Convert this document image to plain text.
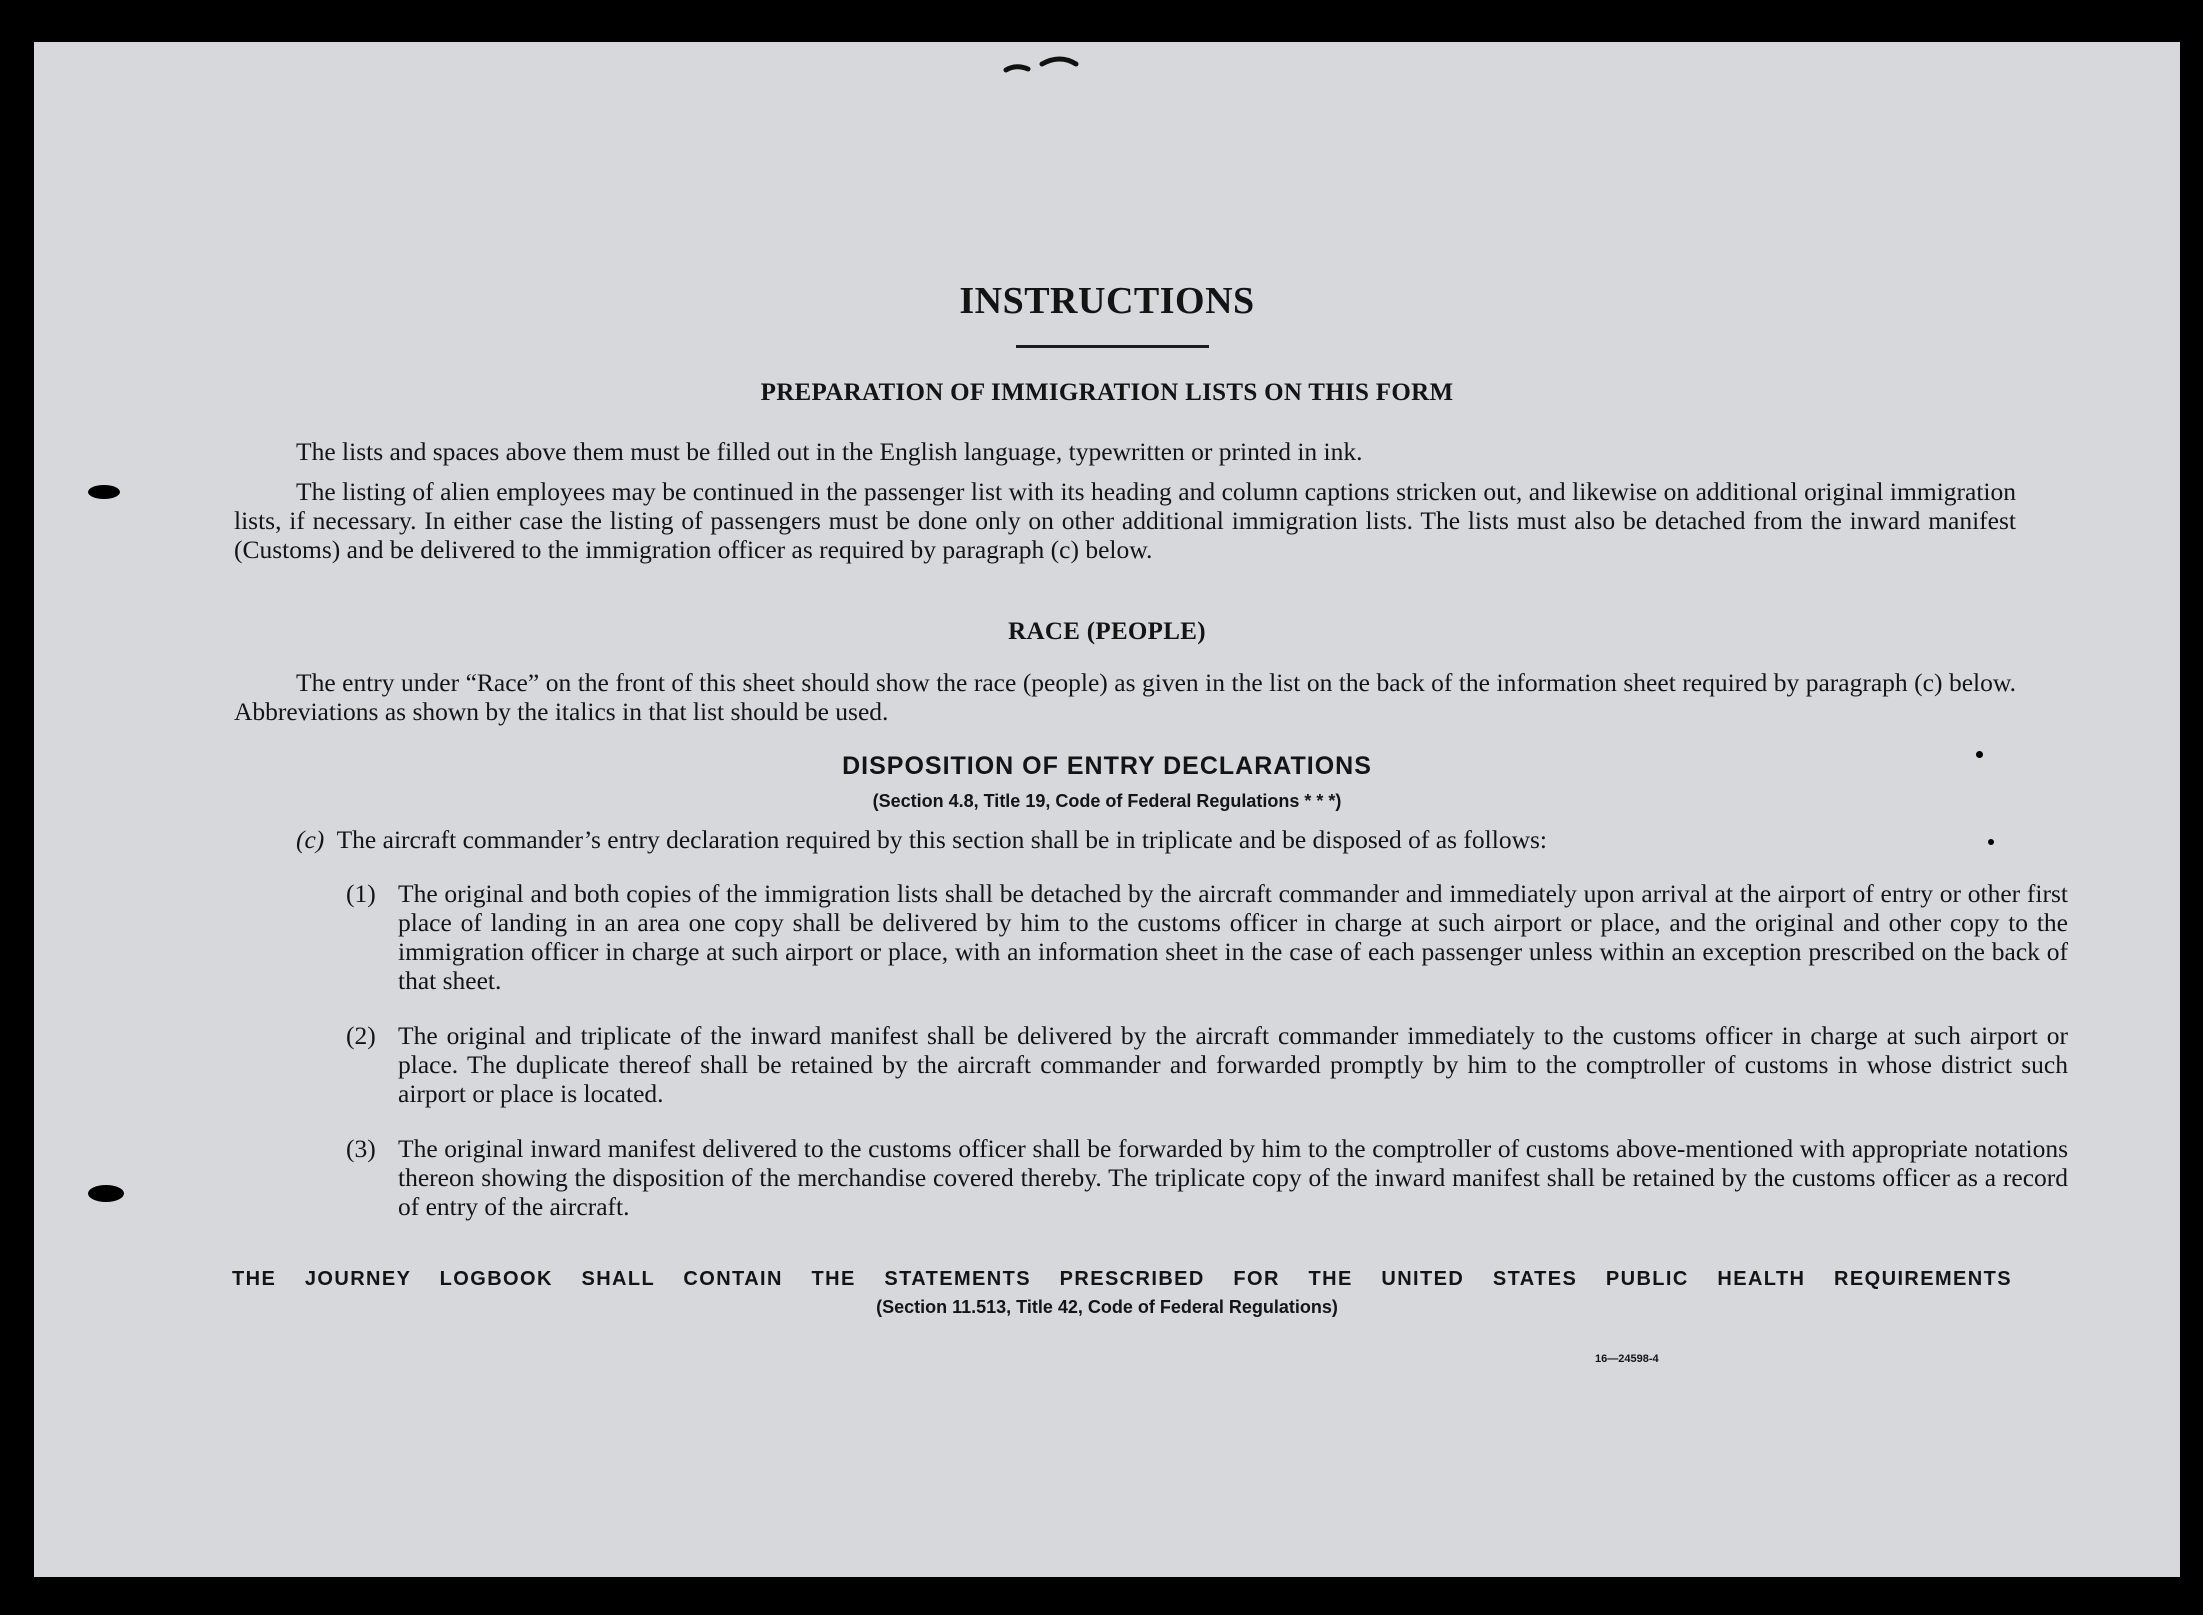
INSTRUCTIONS
PREPARATION OF IMMIGRATION LISTS ON THIS FORM
The lists and spaces above them must be filled out in the English language, typewritten or printed in ink.
The listing of alien employees may be continued in the passenger list with its heading and column captions stricken out, and likewise on additional original immigration lists, if necessary. In either case the listing of passengers must be done only on other additional immigration lists. The lists must also be detached from the inward manifest (Customs) and be delivered to the immigration officer as required by paragraph (c) below.
RACE (PEOPLE)
The entry under “Race” on the front of this sheet should show the race (people) as given in the list on the back of the information sheet required by paragraph (c) below. Abbreviations as shown by the italics in that list should be used.
DISPOSITION OF ENTRY DECLARATIONS
(Section 4.8, Title 19, Code of Federal Regulations * * *)
(c) The aircraft commander’s entry declaration required by this section shall be in triplicate and be disposed of as follows:
(1) The original and both copies of the immigration lists shall be detached by the aircraft commander and immediately upon arrival at the airport of entry or other first place of landing in an area one copy shall be delivered by him to the customs officer in charge at such airport or place, and the original and other copy to the immigration officer in charge at such airport or place, with an information sheet in the case of each passenger unless within an exception prescribed on the back of that sheet.
(2) The original and triplicate of the inward manifest shall be delivered by the aircraft commander immediately to the customs officer in charge at such airport or place. The duplicate thereof shall be retained by the aircraft commander and forwarded promptly by him to the comptroller of customs in whose district such airport or place is located.
(3) The original inward manifest delivered to the customs officer shall be forwarded by him to the comptroller of customs above-mentioned with appropriate notations thereon showing the disposition of the merchandise covered thereby. The triplicate copy of the inward manifest shall be retained by the customs officer as a record of entry of the aircraft.
THE JOURNEY LOGBOOK SHALL CONTAIN THE STATEMENTS PRESCRIBED FOR THE UNITED STATES PUBLIC HEALTH REQUIREMENTS
(Section 11.513, Title 42, Code of Federal Regulations)
16—24598-4
